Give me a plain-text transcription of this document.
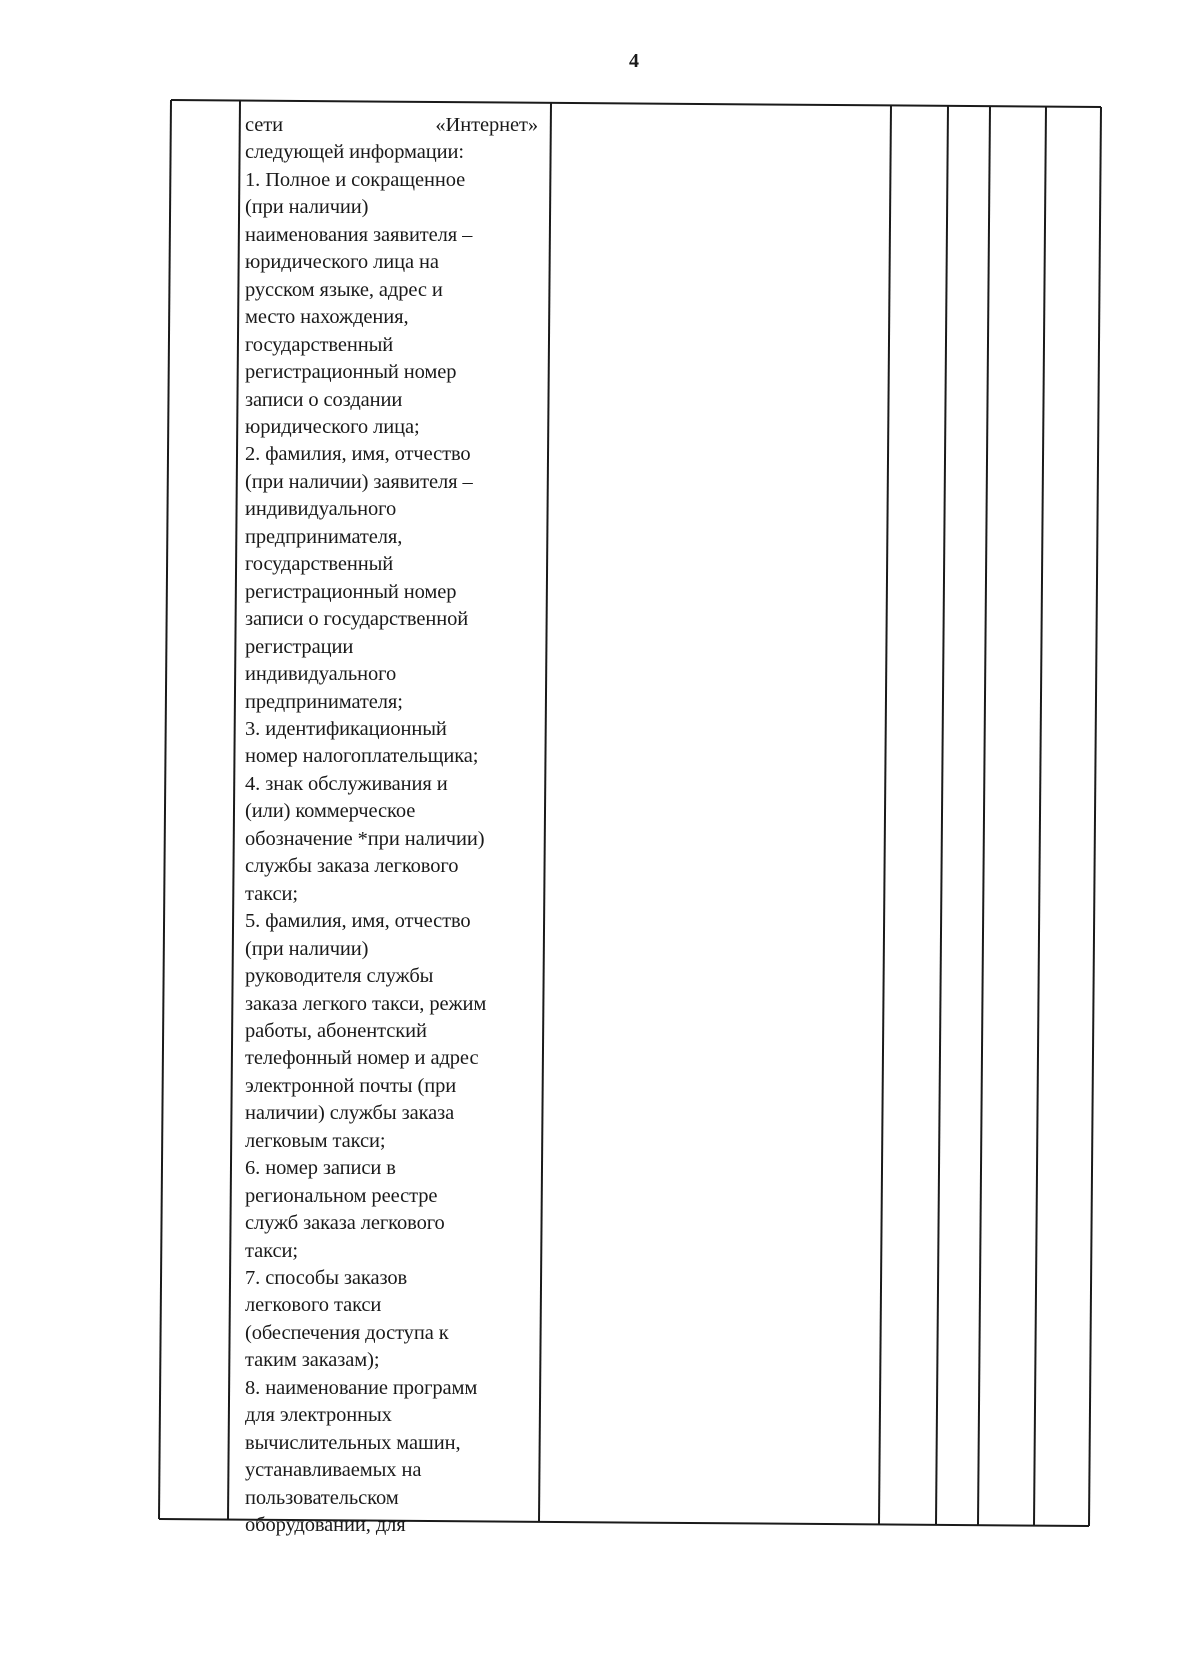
4
сети	«Интернет»
следующей информации:
1. Полное и сокращенное
(при наличии)
наименования заявителя –
юридического лица на
русском языке, адрес и
место нахождения,
государственный
регистрационный номер
записи о создании
юридического лица;
2. фамилия, имя, отчество
(при наличии) заявителя –
индивидуального
предпринимателя,
государственный
регистрационный номер
записи о государственной
регистрации
индивидуального
предпринимателя;
3. идентификационный
номер налогоплательщика;
4. знак обслуживания и
(или) коммерческое
обозначение *при наличии)
службы заказа легкового
такси;
5. фамилия, имя, отчество
(при наличии)
руководителя службы
заказа легкого такси, режим
работы, абонентский
телефонный номер и адрес
электронной почты (при
наличии) службы заказа
легковым такси;
6. номер записи в
региональном реестре
служб заказа легкового
такси;
7. способы заказов
легкового такси
(обеспечения доступа к
таким заказам);
8. наименование программ
для электронных
вычислительных машин,
устанавливаемых на
пользовательском
оборудовании, для
